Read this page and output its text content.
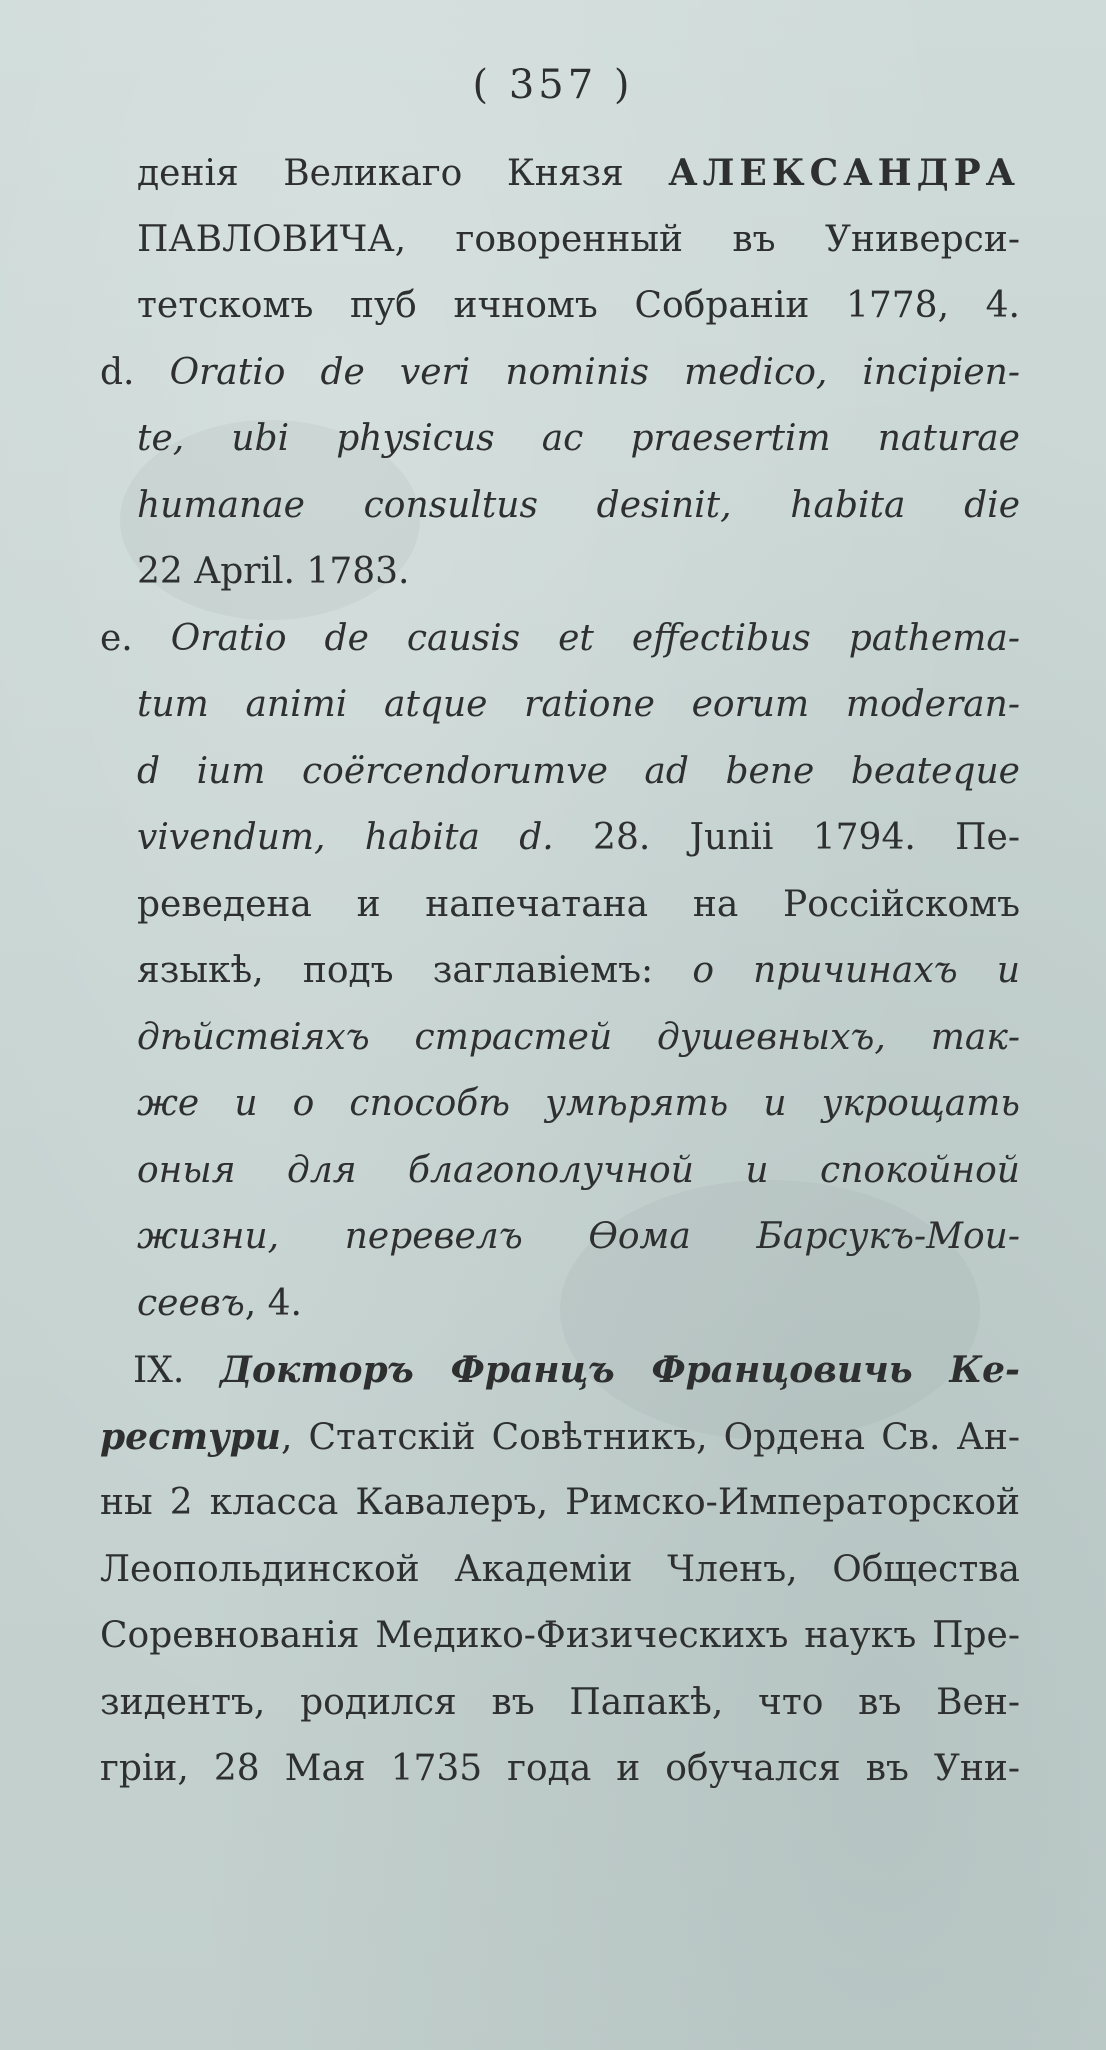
( 357 )
денія Великаго Князя АЛЕКСАНДРА
ПАВЛОВИЧА, говоренный въ Универси-
тетскомъ пуб ичномъ Собраніи 1778, 4.
d. Oratio de veri nominis medico, incipien-
te, ubi physicus ac praesertim naturae
humanae consultus desinit, habita die
22 April. 1783.
e. Oratio de causis et effectibus pathema-
tum animi atque ratione eorum moderan-
d ium coërcendorumve ad bene beateque
vivendum, habita d. 28. Junii 1794. Пе-
реведена и напечатана на Россійскомъ
языкѣ, подъ заглавіемъ: о причинахъ и
дѣйствіяхъ страстей душевныхъ, так-
же и о способѣ умѣрять и укрощать
оныя для благополучной и спокойной
жизни, перевелъ Ѳома Барсукъ-Мои-
сеевъ, 4.
IX. Докторъ Францъ Францовичь Ке-
рестури, Статскій Совѣтникъ, Ордена Св. Ан-
ны 2 класса Кавалеръ, Римско-Императорской
Леопольдинской Академіи Членъ, Общества
Соревнованія Медико-Физическихъ наукъ Пре-
зидентъ, родился въ Папакѣ, что въ Вен-
гріи, 28 Мая 1735 года и обучался въ Уни-
